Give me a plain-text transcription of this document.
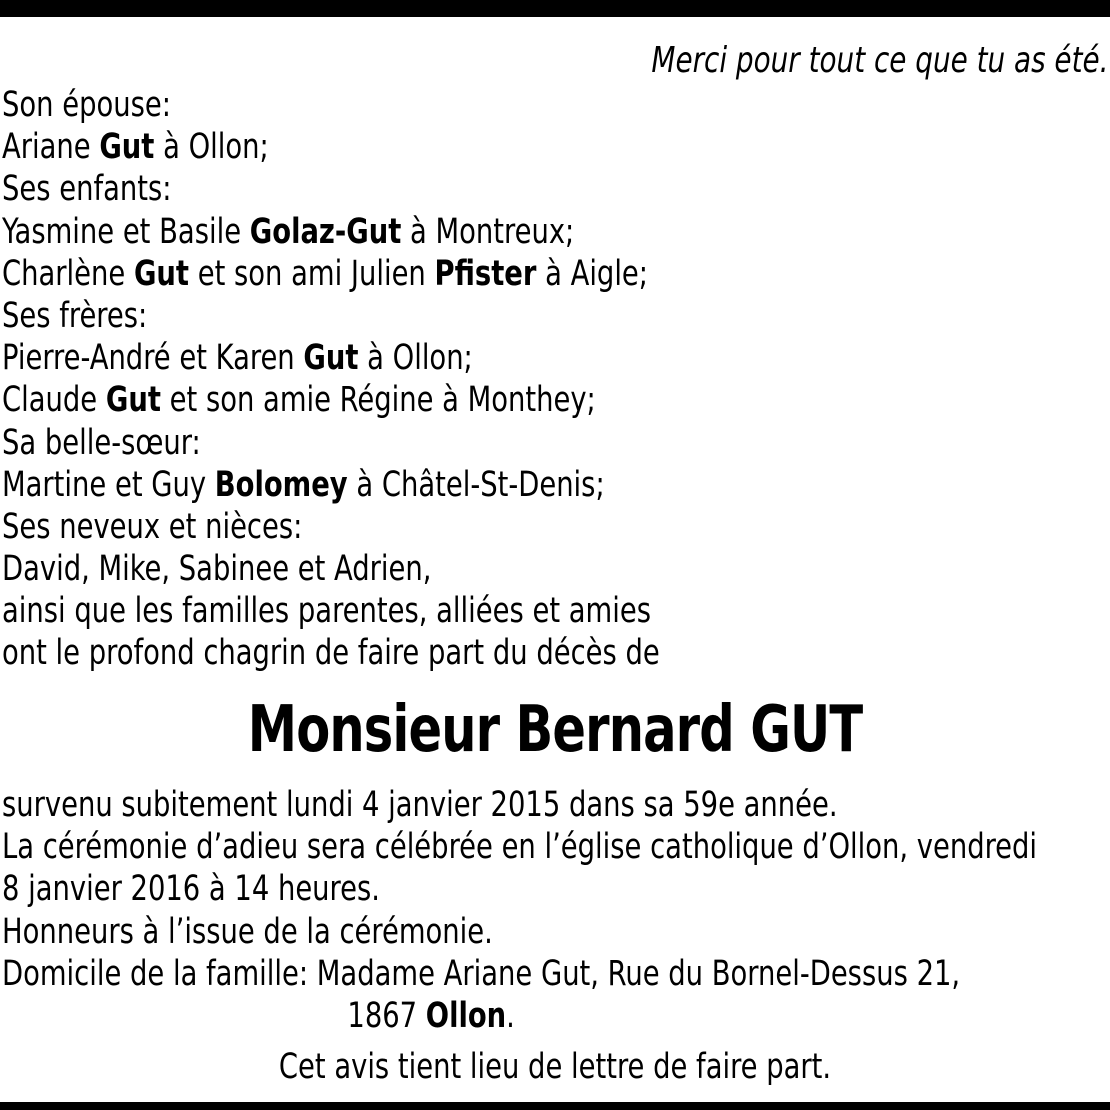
Merci pour tout ce que tu as été.
Son épouse:
Ariane Gut à Ollon;
Ses enfants:
Yasmine et Basile Golaz-Gut à Montreux;
Charlène Gut et son ami Julien Pfister à Aigle;
Ses frères:
Pierre-André et Karen Gut à Ollon;
Claude Gut et son amie Régine à Monthey;
Sa belle-sœur:
Martine et Guy Bolomey à Châtel-St-Denis;
Ses neveux et nièces:
David, Mike, Sabinee et Adrien,
ainsi que les familles parentes, alliées et amies
ont le profond chagrin de faire part du décès de
Monsieur Bernard GUT
survenu subitement lundi 4 janvier 2015 dans sa 59e année.
La cérémonie d’adieu sera célébrée en l’église catholique d’Ollon, vendredi
8 janvier 2016 à 14 heures.
Honneurs à l’issue de la cérémonie.
Domicile de la famille: Madame Ariane Gut, Rue du Bornel-Dessus 21,
1867 Ollon.
Cet avis tient lieu de lettre de faire part.
